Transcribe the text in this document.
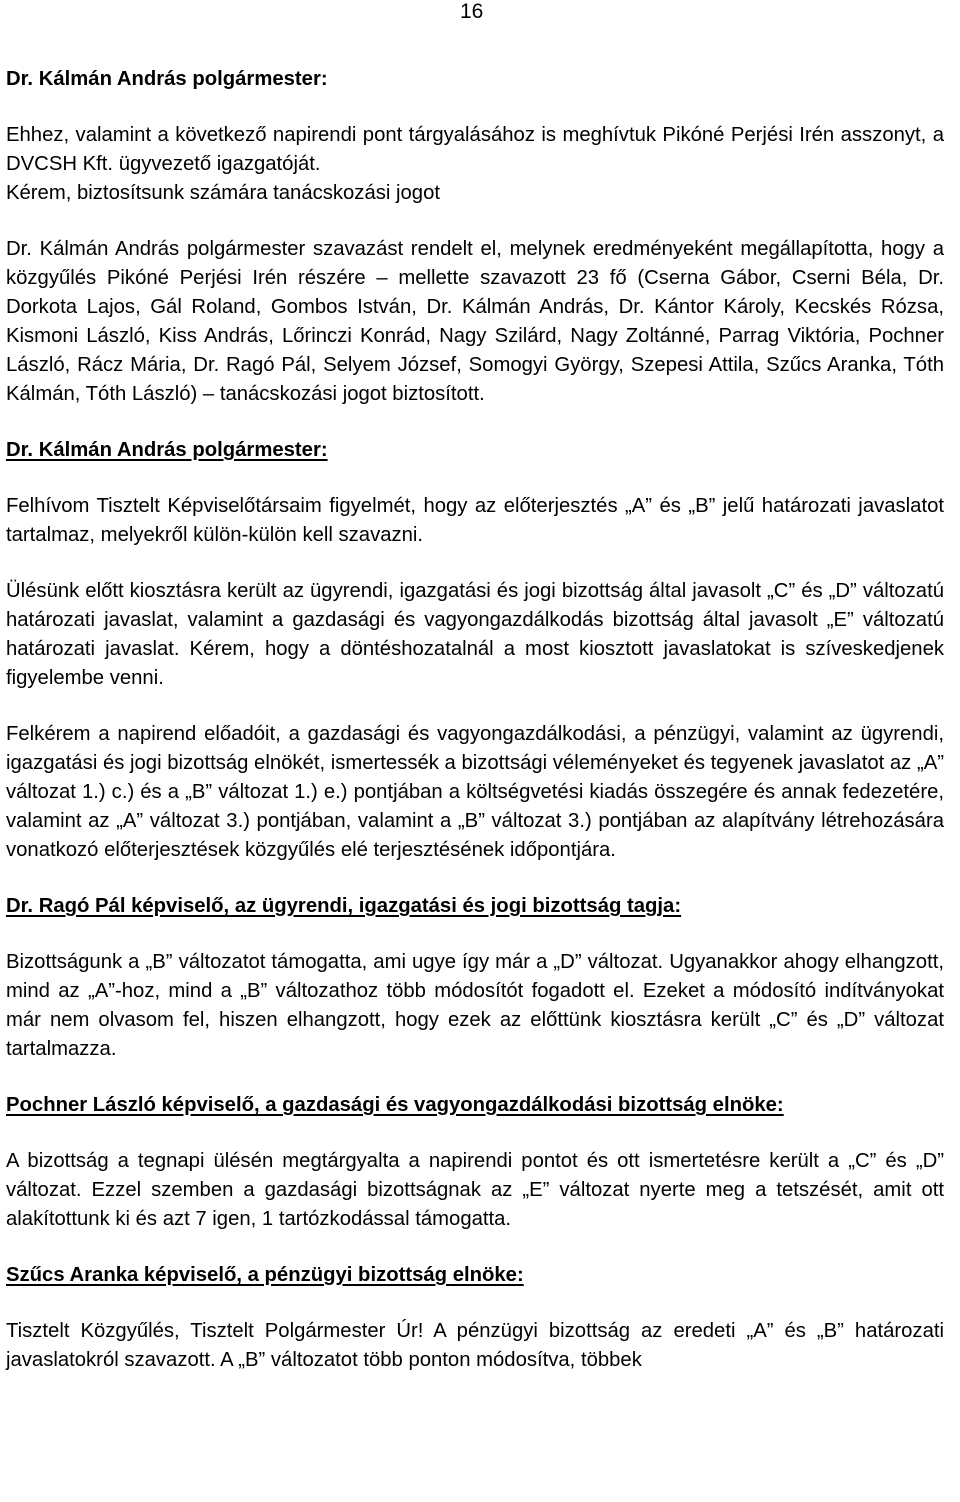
16

Dr. Kálmán András polgármester:

Ehhez, valamint a következő napirendi pont tárgyalásához is meghívtuk Pikóné Perjési Irén asszonyt, a DVCSH Kft. ügyvezető igazgatóját.

Kérem, biztosítsunk számára tanácskozási jogot

Dr. Kálmán András polgármester szavazást rendelt el, melynek eredményeként megállapította, hogy a közgyűlés Pikóné Perjési Irén részére – mellette szavazott 23 fő (Cserna Gábor, Cserni Béla, Dr. Dorkota Lajos, Gál Roland, Gombos István, Dr. Kálmán András, Dr. Kántor Károly, Kecskés Rózsa, Kismoni László, Kiss András, Lőrinczi Konrád, Nagy Szilárd, Nagy Zoltánné, Parrag Viktória, Pochner László, Rácz Mária, Dr. Ragó Pál, Selyem József, Somogyi György, Szepesi Attila, Szűcs Aranka, Tóth Kálmán, Tóth László) – tanácskozási jogot biztosított.

Dr. Kálmán András polgármester:

Felhívom Tisztelt Képviselőtársaim figyelmét, hogy az előterjesztés „A” és „B” jelű határozati javaslatot tartalmaz, melyekről külön-külön kell szavazni.

Ülésünk előtt kiosztásra került az ügyrendi, igazgatási és jogi bizottság által javasolt „C” és „D” változatú határozati javaslat, valamint a gazdasági és vagyongazdálkodás bizottság által javasolt „E” változatú határozati javaslat. Kérem, hogy a döntéshozatalnál a most kiosztott javaslatokat is szíveskedjenek figyelembe venni.

Felkérem a napirend előadóit, a gazdasági és vagyongazdálkodási, a pénzügyi, valamint az ügyrendi, igazgatási és jogi bizottság elnökét, ismertessék a bizottsági véleményeket és tegyenek javaslatot az „A” változat 1.) c.) és a „B” változat 1.) e.) pontjában a költségvetési kiadás összegére és annak fedezetére, valamint az „A” változat 3.) pontjában, valamint a „B” változat 3.) pontjában az alapítvány létrehozására vonatkozó előterjesztések közgyűlés elé terjesztésének időpontjára.

Dr. Ragó Pál képviselő, az ügyrendi, igazgatási és jogi bizottság tagja:

Bizottságunk a „B” változatot támogatta, ami ugye így már a „D” változat. Ugyanakkor ahogy elhangzott, mind az „A”-hoz, mind a „B” változathoz több módosítót fogadott el. Ezeket a módosító indítványokat már nem olvasom fel, hiszen elhangzott, hogy ezek az előttünk kiosztásra került „C” és „D” változat tartalmazza.

Pochner László képviselő, a gazdasági és vagyongazdálkodási bizottság elnöke:

A bizottság a tegnapi ülésén megtárgyalta a napirendi pontot és ott ismertetésre került a „C” és „D” változat. Ezzel szemben a gazdasági bizottságnak az „E” változat nyerte meg a tetszését, amit ott alakítottunk ki és azt 7 igen, 1 tartózkodással támogatta.

Szűcs Aranka képviselő, a pénzügyi bizottság elnöke:

Tisztelt Közgyűlés, Tisztelt Polgármester Úr! A pénzügyi bizottság az eredeti „A” és „B” határozati javaslatokról szavazott. A „B” változatot több ponton módosítva, többek
